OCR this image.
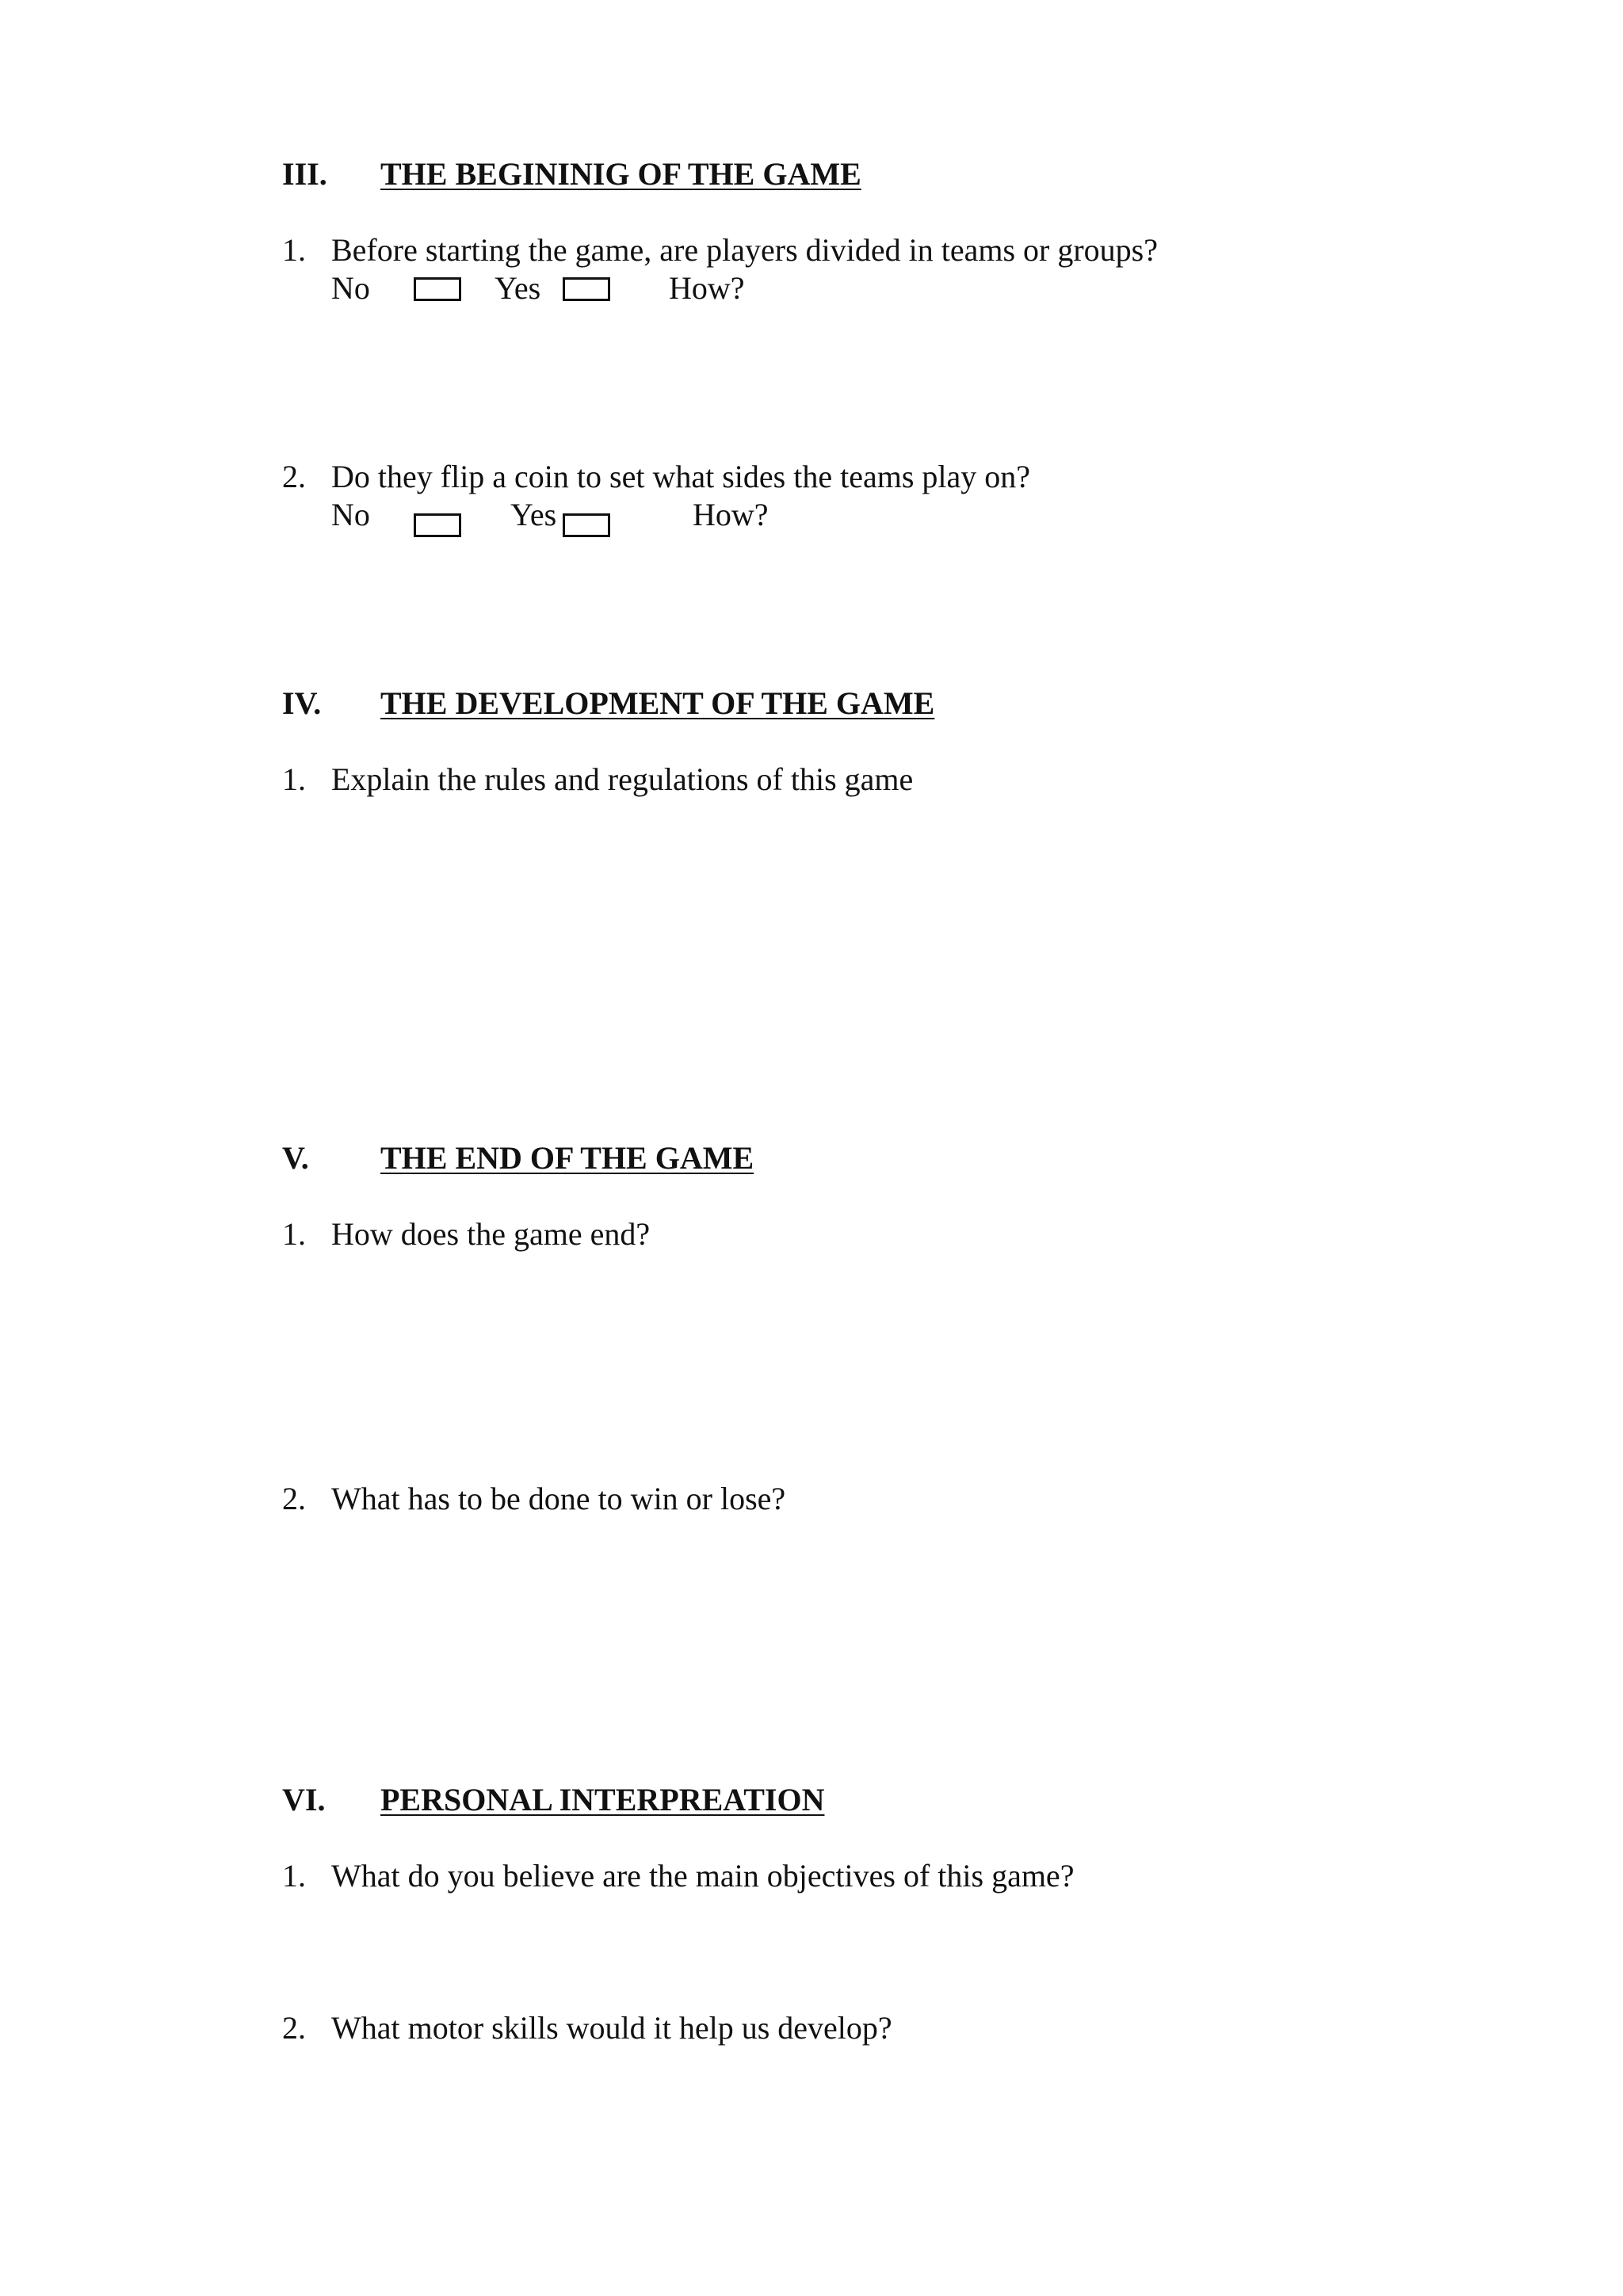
III. THE BEGININIG OF THE GAME
1. Before starting the game, are players divided in teams or groups?
No	Yes	How?
2. Do they flip a coin to set what sides the teams play on?
No	Yes	How?
IV. THE DEVELOPMENT OF THE GAME
1. Explain the rules and regulations of this game
V. THE END OF THE GAME
1. How does the game end?
2. What has to be done to win or lose?
VI. PERSONAL INTERPREATION
1. What do you believe are the main objectives of this game?
2. What motor skills would it help us develop?
